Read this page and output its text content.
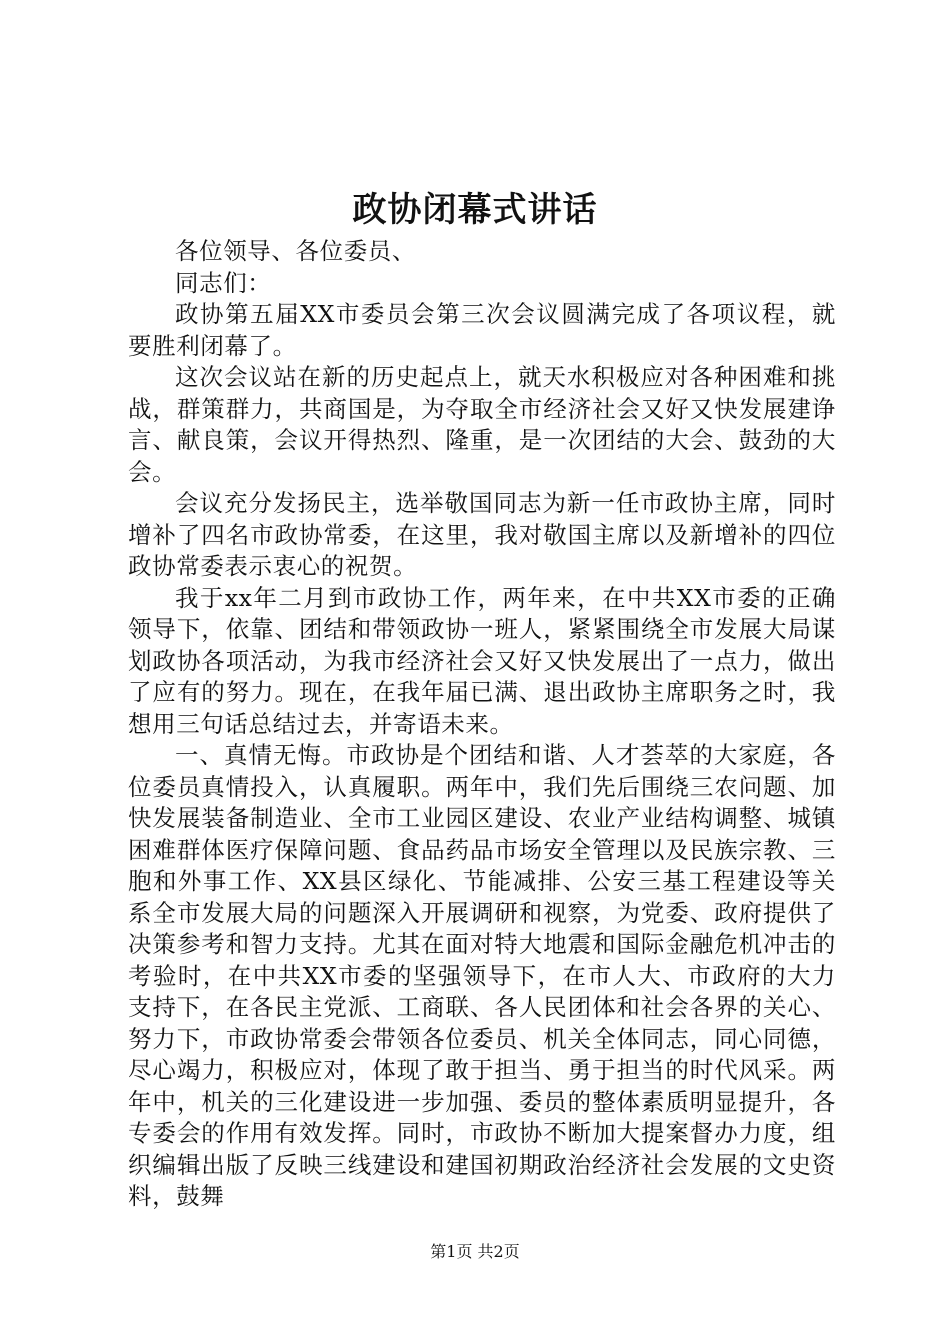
政协闭幕式讲话

各位领导、各位委员、

同志们：

政协第五届XX市委员会第三次会议圆满完成了各项议程，就要胜利闭幕了。

这次会议站在新的历史起点上，就天水积极应对各种困难和挑战，群策群力，共商国是，为夺取全市经济社会又好又快发展建诤言、献良策，会议开得热烈、隆重，是一次团结的大会、鼓劲的大会。

会议充分发扬民主，选举敬国同志为新一任市政协主席，同时增补了四名市政协常委，在这里，我对敬国主席以及新增补的四位政协常委表示衷心的祝贺。

我于xx年二月到市政协工作，两年来，在中共XX市委的正确领导下，依靠、团结和带领政协一班人，紧紧围绕全市发展大局谋划政协各项活动，为我市经济社会又好又快发展出了一点力，做出了应有的努力。现在，在我年届已满、退出政协主席职务之时，我想用三句话总结过去，并寄语未来。

一、真情无悔。市政协是个团结和谐、人才荟萃的大家庭，各位委员真情投入，认真履职。两年中，我们先后围绕三农问题、加快发展装备制造业、全市工业园区建设、农业产业结构调整、城镇困难群体医疗保障问题、食品药品市场安全管理以及民族宗教、三胞和外事工作、XX县区绿化、节能减排、公安三基工程建设等关系全市发展大局的问题深入开展调研和视察，为党委、政府提供了决策参考和智力支持。尤其在面对特大地震和国际金融危机冲击的考验时，在中共XX市委的坚强领导下，在市人大、市政府的大力支持下，在各民主党派、工商联、各人民团体和社会各界的关心、努力下，市政协常委会带领各位委员、机关全体同志，同心同德，尽心竭力，积极应对，体现了敢于担当、勇于担当的时代风采。两年中，机关的三化建设进一步加强、委员的整体素质明显提升，各专委会的作用有效发挥。同时，市政协不断加大提案督办力度，组织编辑出版了反映三线建设和建国初期政治经济社会发展的文史资料，鼓舞

第1页 共2页
